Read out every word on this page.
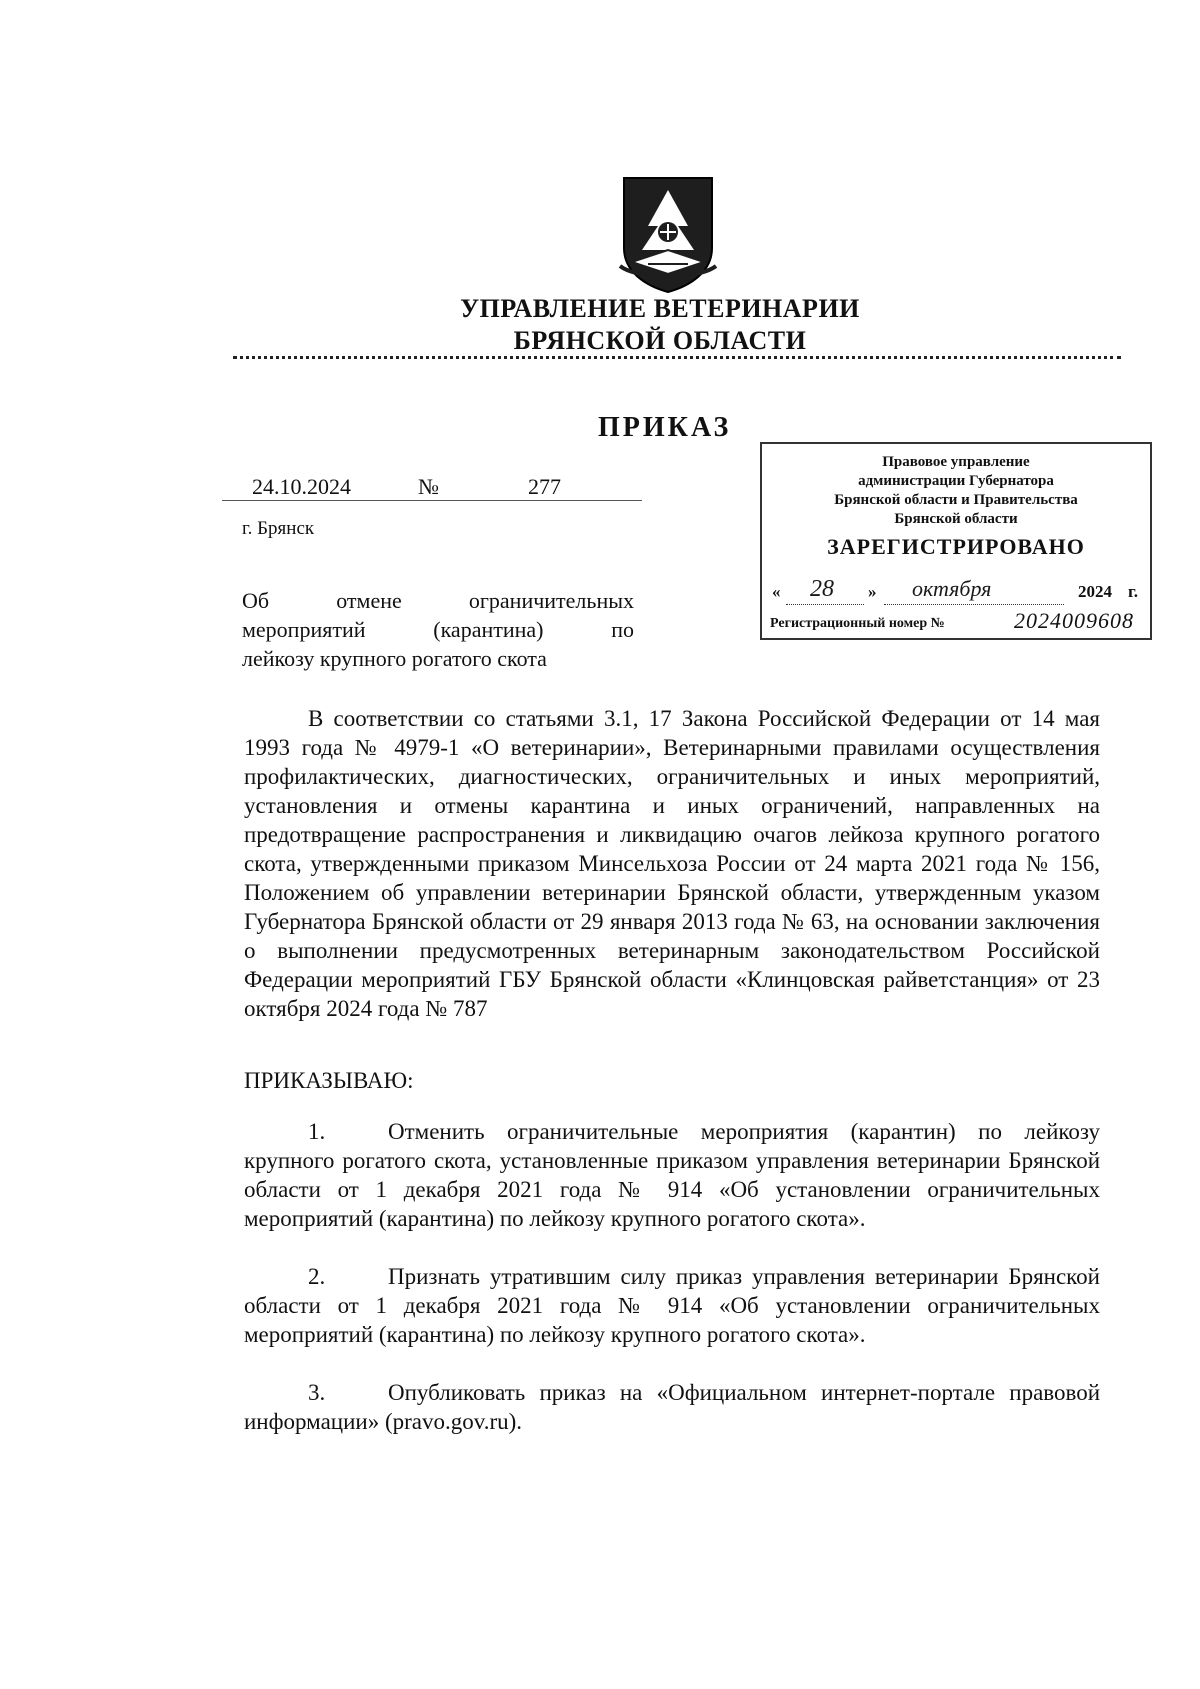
УПРАВЛЕНИЕ ВЕТЕРИНАРИИ
БРЯНСКОЙ ОБЛАСТИ
ПРИКАЗ
24.10.2024	№	277
г. Брянск
Об отмене ограничительных
мероприятий (карантина) по
лейкозу крупного рогатого скота
Правовое управление
администрации Губернатора
Брянской области и Правительства
Брянской области
ЗАРЕГИСТРИРОВАНО
« 28 » октября	2024 г.
Регистрационный номер №	2024009608
В соответствии со статьями 3.1, 17 Закона Российской Федерации от 14 мая 1993 года № 4979-1 «О ветеринарии», Ветеринарными правилами осуществления профилактических, диагностических, ограничительных и иных мероприятий, установления и отмены карантина и иных ограничений, направленных на предотвращение распространения и ликвидацию очагов лейкоза крупного рогатого скота, утвержденными приказом Минсельхоза России от 24 марта 2021 года № 156, Положением об управлении ветеринарии Брянской области, утвержденным указом Губернатора Брянской области от 29 января 2013 года № 63, на основании заключения о выполнении предусмотренных ветеринарным законодательством Российской Федерации мероприятий ГБУ Брянской области «Клинцовская райветстанция» от 23 октября 2024 года № 787
ПРИКАЗЫВАЮ:
1.	Отменить ограничительные мероприятия (карантин) по лейкозу крупного рогатого скота, установленные приказом управления ветеринарии Брянской области от 1 декабря 2021 года № 914 «Об установлении ограничительных мероприятий (карантина) по лейкозу крупного рогатого скота».
2.	Признать утратившим силу приказ управления ветеринарии Брянской области от 1 декабря 2021 года № 914 «Об установлении ограничительных мероприятий (карантина) по лейкозу крупного рогатого скота».
3.	Опубликовать приказ на «Официальном интернет-портале правовой информации» (pravo.gov.ru).
